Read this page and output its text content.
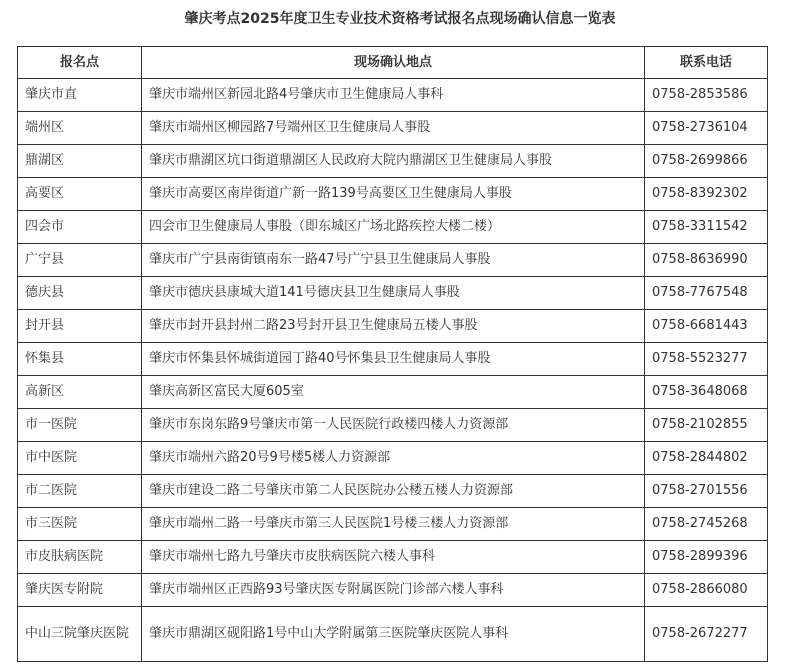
肇庆考点2025年度卫生专业技术资格考试报名点现场确认信息一览表
报名点	现场确认地点	联系电话
肇庆市直	肇庆市端州区新园北路4号肇庆市卫生健康局人事科	0758-2853586
端州区	肇庆市端州区柳园路7号端州区卫生健康局人事股	0758-2736104
鼎湖区	肇庆市鼎湖区坑口街道鼎湖区人民政府大院内鼎湖区卫生健康局人事股	0758-2699866
高要区	肇庆市高要区南岸街道广新一路139号高要区卫生健康局人事股	0758-8392302
四会市	四会市卫生健康局人事股（即东城区广场北路疾控大楼二楼）	0758-3311542
广宁县	肇庆市广宁县南街镇南东一路47号广宁县卫生健康局人事股	0758-8636990
德庆县	肇庆市德庆县康城大道141号德庆县卫生健康局人事股	0758-7767548
封开县	肇庆市封开县封州二路23号封开县卫生健康局五楼人事股	0758-6681443
怀集县	肇庆市怀集县怀城街道园丁路40号怀集县卫生健康局人事股	0758-5523277
高新区	肇庆高新区富民大厦605室	0758-3648068
市一医院	肇庆市东岗东路9号肇庆市第一人民医院行政楼四楼人力资源部	0758-2102855
市中医院	肇庆市端州六路20号9号楼5楼人力资源部	0758-2844802
市二医院	肇庆市建设二路二号肇庆市第二人民医院办公楼五楼人力资源部	0758-2701556
市三医院	肇庆市端州二路一号肇庆市第三人民医院1号楼三楼人力资源部	0758-2745268
市皮肤病医院	肇庆市端州七路九号肇庆市皮肤病医院六楼人事科	0758-2899396
肇庆医专附院	肇庆市端州区正西路93号肇庆医专附属医院门诊部六楼人事科	0758-2866080
中山三院肇庆医院	肇庆市鼎湖区砚阳路1号中山大学附属第三医院肇庆医院人事科	0758-2672277
